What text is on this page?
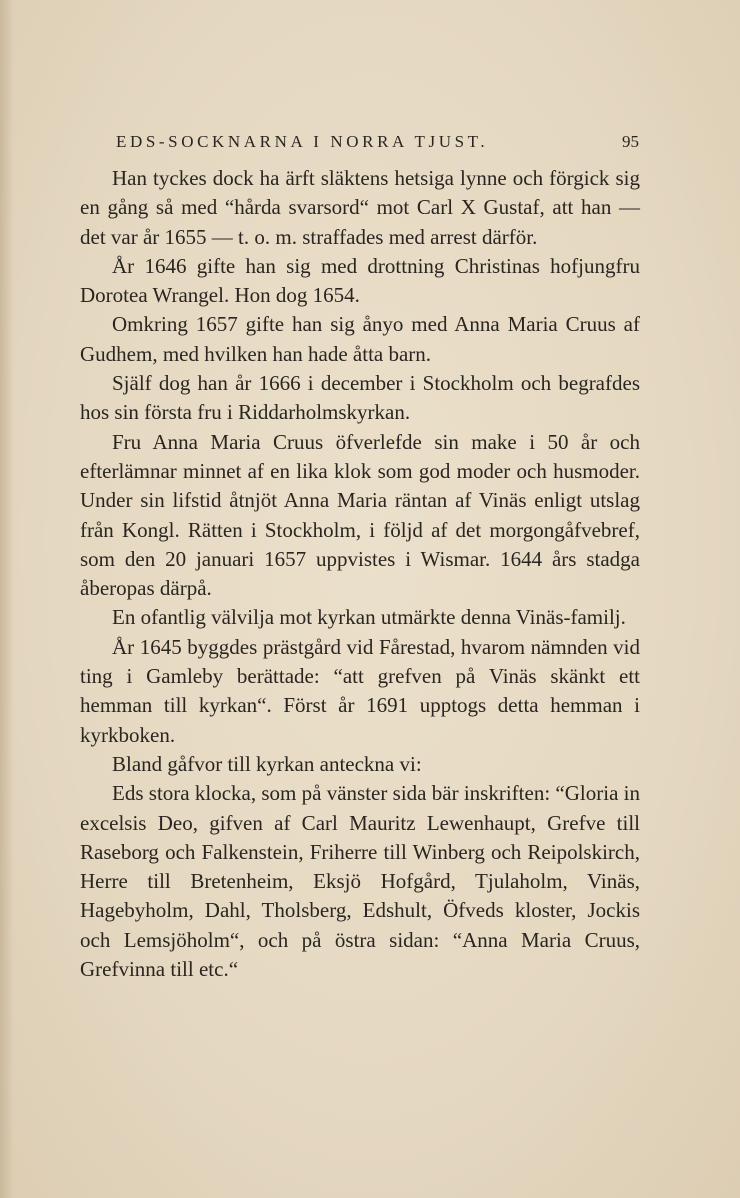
EDS-SOCKNARNA I NORRA TJUST.	95

Han tyckes dock ha ärft släktens hetsiga lynne och förgick sig en gång så med “hårda svarsord“ mot Carl X Gustaf, att han — det var år 1655 — t. o. m. straffades med arrest därför.

År 1646 gifte han sig med drottning Christinas hofjungfru Dorotea Wrangel. Hon dog 1654.

Omkring 1657 gifte han sig ånyo med Anna Maria Cruus af Gudhem, med hvilken han hade åtta barn.

Själf dog han år 1666 i december i Stockholm och begrafdes hos sin första fru i Riddarholmskyrkan.

Fru Anna Maria Cruus öfverlefde sin make i 50 år och efterlämnar minnet af en lika klok som god moder och husmoder. Under sin lifstid åtnjöt Anna Maria räntan af Vinäs enligt utslag från Kongl. Rätten i Stockholm, i följd af det morgongåfvebref, som den 20 januari 1657 uppvistes i Wismar. 1644 års stadga åberopas därpå.

En ofantlig välvilja mot kyrkan utmärkte denna Vinäs-familj.

År 1645 byggdes prästgård vid Fårestad, hvarom nämnden vid ting i Gamleby berättade: “att grefven på Vinäs skänkt ett hemman till kyrkan“. Först år 1691 upptogs detta hemman i kyrkboken.

Bland gåfvor till kyrkan anteckna vi:

Eds stora klocka, som på vänster sida bär inskriften: “Gloria in excelsis Deo, gifven af Carl Mauritz Lewenhaupt, Grefve till Raseborg och Falkenstein, Friherre till Winberg och Reipolskirch, Herre till Bretenheim, Eksjö Hofgård, Tjulaholm, Vinäs, Hagebyholm, Dahl, Tholsberg, Edshult, Öfveds kloster, Jockis och Lemsjöholm“, och på östra sidan: “Anna Maria Cruus, Grefvinna till etc.“
